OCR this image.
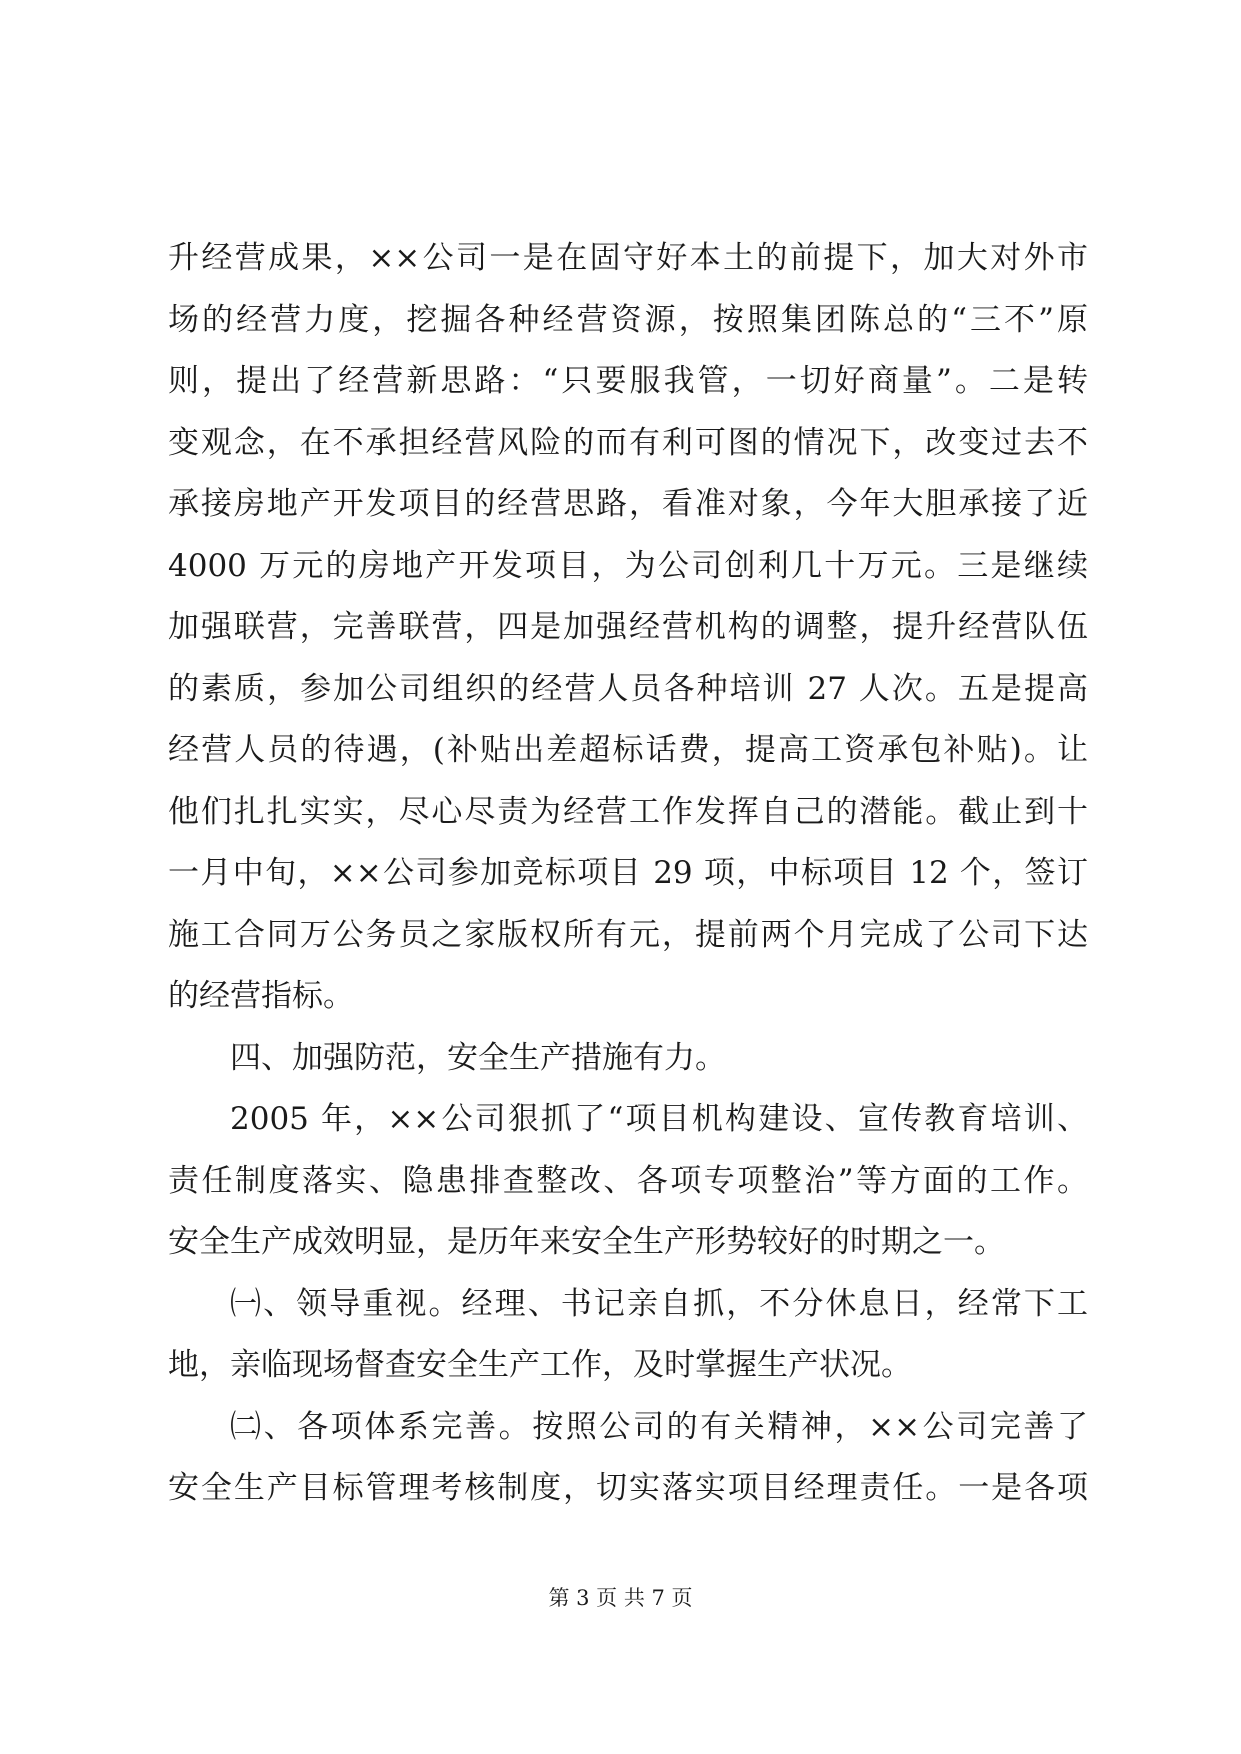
升经营成果，××公司一是在固守好本土的前提下，加大对外市
场的经营力度，挖掘各种经营资源，按照集团陈总的“三不”原
则，提出了经营新思路：“只要服我管，一切好商量”。二是转
变观念，在不承担经营风险的而有利可图的情况下，改变过去不
承接房地产开发项目的经营思路，看准对象，今年大胆承接了近
4000 万元的房地产开发项目，为公司创利几十万元。三是继续
加强联营，完善联营，四是加强经营机构的调整，提升经营队伍
的素质，参加公司组织的经营人员各种培训 27 人次。五是提高
经营人员的待遇，(补贴出差超标话费，提高工资承包补贴)。让
他们扎扎实实，尽心尽责为经营工作发挥自己的潜能。截止到十
一月中旬，××公司参加竞标项目 29 项，中标项目 12 个，签订
施工合同万公务员之家版权所有元，提前两个月完成了公司下达
的经营指标。
四、加强防范，安全生产措施有力。
2005 年，××公司狠抓了“项目机构建设、宣传教育培训、
责任制度落实、隐患排查整改、各项专项整治”等方面的工作。
安全生产成效明显，是历年来安全生产形势较好的时期之一。
㈠、领导重视。经理、书记亲自抓，不分休息日，经常下工
地，亲临现场督查安全生产工作，及时掌握生产状况。
㈡、各项体系完善。按照公司的有关精神，××公司完善了
安全生产目标管理考核制度，切实落实项目经理责任。一是各项
第 3 页 共 7 页
